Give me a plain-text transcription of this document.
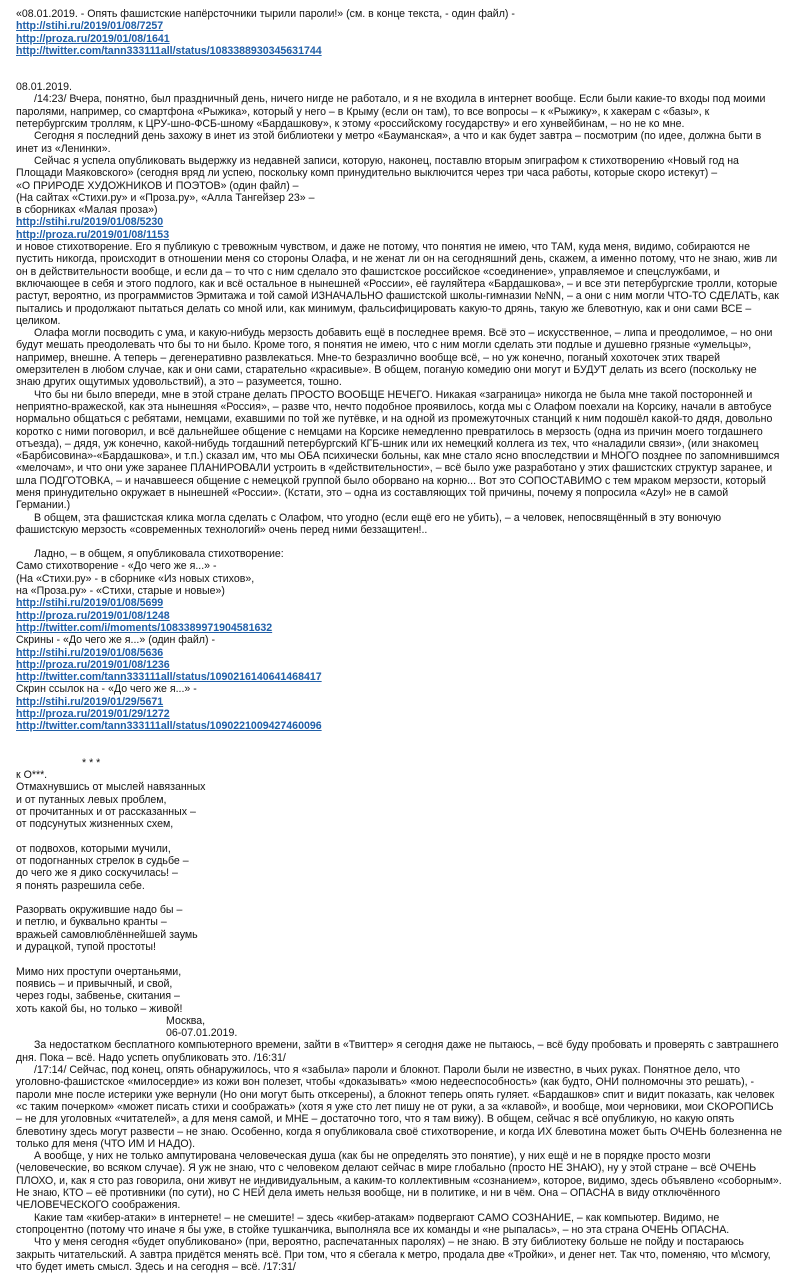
«08.01.2019. - Опять фашистские напёрсточники тырили пароли!» (см. в конце текста, - один файл) -

http://stihi.ru/2019/01/08/7257
http://proza.ru/2019/01/08/1641
http://twitter.com/tann333111all/status/1083388930345631744

08.01.2019.

/14:23/ Вчера, понятно, был праздничный день, ничего нигде не работало, и я не входила в интернет вообще. Если были какие-то входы под моими паролями, например, со смартфона «Рыжика», который у него – в Крыму (если он там), то все вопросы – к «Рыжику», к хакерам с «базы», к петербургским троллям, к ЦРУ-шно-ФСБ-шному «Бардашкову», к этому «российскому государству» и его хунвейбинам, – но не ко мне.

Сегодня я последний день захожу в инет из этой библиотеки у метро «Бауманская», а что и как будет завтра – посмотрим (по идее, должна быти в инет из «Ленинки».

Сейчас я успела опубликовать выдержку из недавней записи, которую, наконец, поставлю вторым эпиграфом к стихотворению «Новый год на Площади Маяковского» (сегодня вряд ли успею, поскольку комп принудительно выключится через три часа работы, которые скоро истекут) –

«О ПРИРОДЕ ХУДОЖНИКОВ И ПОЭТОВ» (один файл) –

(На сайтах «Стихи.ру» и «Проза.ру», «Алла Тангейзер 23» –

в сборниках «Малая проза»)

http://stihi.ru/2019/01/08/5230
http://proza.ru/2019/01/08/1153

и новое стихотворение. Его я публикую с тревожным чувством, и даже не потому, что понятия не имею, что ТАМ, куда меня, видимо, собираются не пустить никогда, происходит в отношении меня со стороны Олафа, и не женат ли он на сегодняшний день, скажем, а именно потому, что не знаю, жив ли он в действительности вообще, и если да – то что с ним сделало это фашистское российское «соединение», управляемое и спецслужбами, и включающее в себя и этого подлого, как и всё остальное в нынешней «России», её гауляйтера «Бардашкова», – и все эти петербургские тролли, которые растут, вероятно, из программистов Эрмитажа и той самой ИЗНАЧАЛЬНО фашистской школы-гимназии №NN, – а они с ним могли ЧТО-ТО СДЕЛАТЬ, как пытались и продолжают пытаться делать со мной или, как минимум, фальсифицировать какую-то дрянь, такую же блевотную, как и они сами ВСЕ – целиком.

Олафа могли посводить с ума, и какую-нибудь мерзость добавить ещё в последнее время. Всё это – искусственное, – липа и преодолимое, – но они будут мешать преодолевать что бы то ни было. Кроме того, я понятия не имею, что с ним могли сделать эти подлые и душевно грязные «умельцы», например, внешне. А теперь – дегенеративно развлекаться. Мне-то безразлично вообще всё, – но уж конечно, поганый хохоточек этих тварей омерзителен в любом случае, как и они сами, старательно «красивые». В общем, поганую комедию они могут и БУДУТ делать из всего (поскольку не знаю других ощутимых удовольствий), а это – разумеется, тошно.

Что бы ни было впереди, мне в этой стране делать ПРОСТО ВООБЩЕ НЕЧЕГО. Никакая «заграница» никогда не была мне такой посторонней и неприятно-вражеской, как эта нынешняя «Россия», – разве что, нечто подобное проявилось, когда мы с Олафом поехали на Корсику, начали в автобусе нормально общаться с ребятами, немцами, ехавшими по той же путёвке, и на одной из промежуточных станций к ним подошёл какой-то дядя, довольно коротко с ними поговорил, и всё дальнейшее общение с немцами на Корсике немедленно превратилось в мерзость (одна из причин моего тогдашнего отъезда), – дядя, уж конечно, какой-нибудь тогдашний петербургский КГБ-шник или их немецкий коллега из тех, что «наладили связи», (или знакомец «Барбисовина»-«Бардашкова», и т.п.) сказал им, что мы ОБА психически больны, как мне стало ясно впоследствии и МНОГО позднее по запомнившимся «мелочам», и что они уже заранее ПЛАНИРОВАЛИ устроить в «действительности», – всё было уже разработано у этих фашистских структур заранее, и шла ПОДГОТОВКА, – и начавшееся общение с немецкой группой было оборвано на корню... Вот это СОПОСТАВИМО с тем мраком мерзости, который меня принудительно окружает в нынешней «России». (Кстати, это – одна из составляющих той причины, почему я попросила «Azyl» не в самой Германии.)

В общем, эта фашистская клика могла сделать с Олафом, что угодно (если ещё его не убить), – а человек, непосвящённый в эту вонючую фашистскую мерзость «современных технологий» очень перед ними беззащитен!..

Ладно, – в общем, я опубликовала стихотворение:

Само стихотворение - «До чего же я...» -

(На «Стихи.ру» - в сборнике «Из новых стихов»,

на «Проза.ру» - «Стихи, старые и новые»)

http://stihi.ru/2019/01/08/5699
http://proza.ru/2019/01/08/1248
http://twitter.com/i/moments/1083389971904581632

Скрины - «До чего же я...» (один файл) -

http://stihi.ru/2019/01/08/5636
http://proza.ru/2019/01/08/1236
http://twitter.com/tann333111all/status/1090216140641468417

Скрин ссылок на - «До чего же я...» -

http://stihi.ru/2019/01/29/5671
http://proza.ru/2019/01/29/1272
http://twitter.com/tann333111all/status/1090221009427460096

* * *

к О***.

Отмахнувшись от мыслей навязанных

и от путанных левых проблем,

от прочитанных и от рассказанных –

от подсунутых жизненных схем,

от подвохов, которыми мучили,

от подогнанных стрелок в судьбе –

до чего же я дико соскучилась! –

я понять разрешила себе.

Разорвать окружившие надо бы –

и петлю, и буквально кранты –

вражьей самовлюблённейшей заумь

и дурацкой, тупой простоты!

Мимо них проступи очертаньями,

появись – и привычный, и свой,

через годы, забвенье, скитания –

хоть какой бы, но только – живой!

Москва,

06-07.01.2019.

За недостатком бесплатного компьютерного времени, зайти в «Твиттер» я сегодня даже не пытаюсь, – всё буду пробовать и проверять с завтрашнего дня. Пока – всё. Надо успеть опубликовать это. /16:31/

/17:14/ Сейчас, под конец, опять обнаружилось, что я «забыла» пароли и блокнот. Пароли были не известно, в чьих руках. Понятное дело, что уголовно-фашистское «милосердие» из кожи вон полезет, чтобы «доказывать» «мою недееспособность» (как будто, ОНИ полномочны это решать), - пароли мне после истерики уже вернули (Но они могут быть отксерены), а блокнот теперь опять гуляет. «Бардашков» спит и видит показать, как человек «с таким почерком» «может писать стихи и соображать» (хотя я уже сто лет пишу не от руки, а за «клавой», и вообще, мои черновики, мои СКОРОПИСЬ – не для уголовных «читателей», а для меня самой, и МНЕ – достаточно того, что я там вижу). В общем, сейчас я всё опубликую, но какую опять блевотину здесь могут развести – не знаю. Особенно, когда я опубликовала своё стихотворение, и когда ИХ блевотина может быть ОЧЕНЬ болезненна не только для меня (ЧТО ИМ И НАДО).

А вообще, у них не только ампутирована человеческая душа (как бы не определять это понятие), у них ещё и не в порядке просто мозги (человеческие, во всяком случае). Я уж не знаю, что с человеком делают сейчас в мире глобально (просто НЕ ЗНАЮ), ну у этой стране – всё ОЧЕНЬ ПЛОХО, и, как я сто раз говорила, они живут не индивидуальным, а каким-то коллективным «сознанием», которое, видимо, здесь объявлено «соборным». Не знаю, КТО – её противники (по сути), но С НЕЙ дела иметь нельзя вообще, ни в политике, и ни в чём. Она – ОПАСНА в виду отключённого ЧЕЛОВЕЧЕСКОГО соображения.

Какие там «кибер-атаки» в интернете! – не смешите! – здесь «кибер-атакам» подвергают САМО СОЗНАНИЕ, – как компьютер. Видимо, не стопроцентно (потому что иначе я бы уже, в стойке тушканчика, выполняла все их команды и «не рыпалась», – но эта страна ОЧЕНЬ ОПАСНА.

Что у меня сегодня «будет опубликовано» (при, вероятно, распечатанных паролях) – не знаю. В эту библиотеку больше не пойду и постараюсь закрыть читательский. А завтра придётся менять всё. При том, что я сбегала к метро, продала две «Тройки», и денег нет. Так что, поменяю, что м\смогу, что будет иметь смысл. Здесь и на сегодня – всё. /17:31/
